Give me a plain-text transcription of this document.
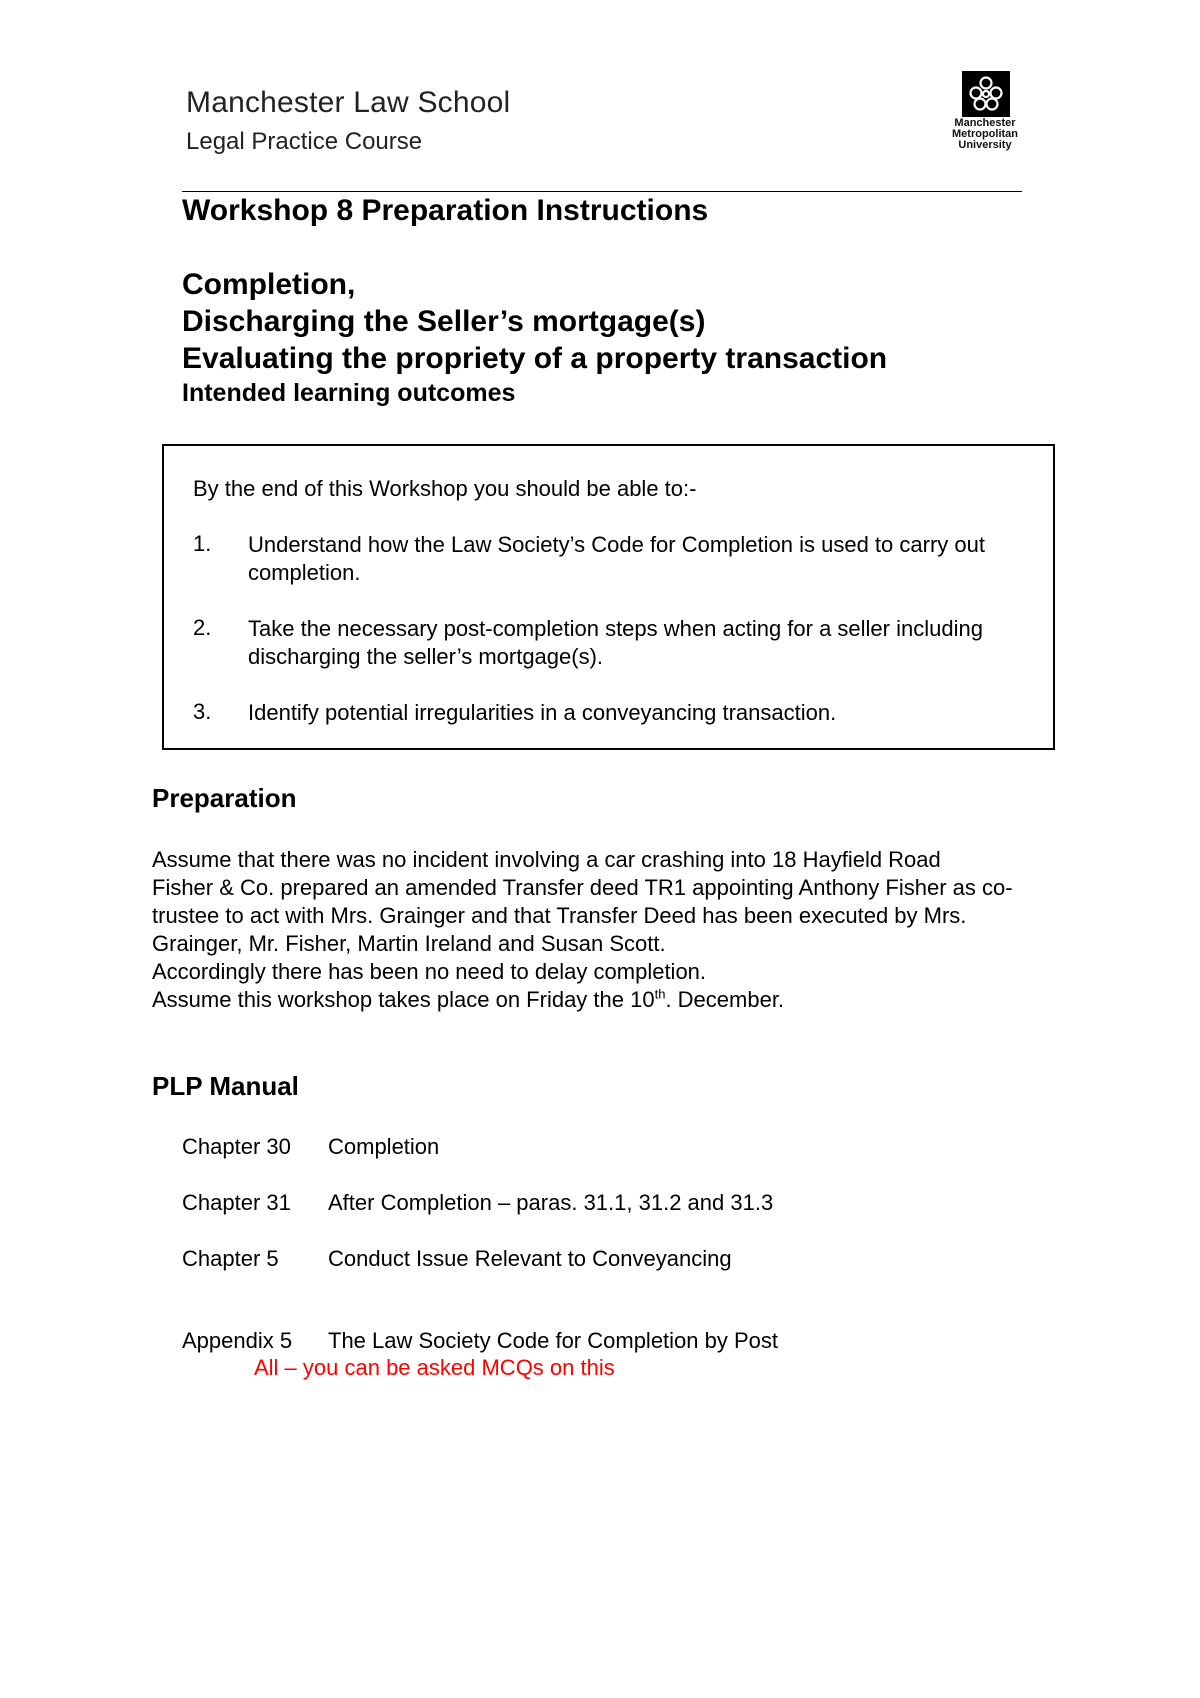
Manchester Law School
Legal Practice Course
Manchester
Metropolitan
University
Workshop 8 Preparation Instructions
Completion,
Discharging the Seller’s mortgage(s)
Evaluating the propriety of a property transaction
Intended learning outcomes
By the end of this Workshop you should be able to:-
1. Understand how the Law Society’s Code for Completion is used to carry out completion.
2. Take the necessary post-completion steps when acting for a seller including discharging the seller’s mortgage(s).
3. Identify potential irregularities in a conveyancing transaction.
Preparation

Assume that there was no incident involving a car crashing into 18 Hayfield Road

Fisher & Co. prepared an amended Transfer deed TR1 appointing Anthony Fisher as co-trustee to act with Mrs. Grainger and that Transfer Deed has been executed by Mrs. Grainger, Mr. Fisher, Martin Ireland and Susan Scott.

Accordingly there has been no need to delay completion.

Assume this workshop takes place on Friday the 10th. December.

PLP Manual
Chapter 30 Completion
Chapter 31 After Completion – paras. 31.1, 31.2 and 31.3
Chapter 5 Conduct Issue Relevant to Conveyancing
Appendix 5 The Law Society Code for Completion by Post
All – you can be asked MCQs on this
